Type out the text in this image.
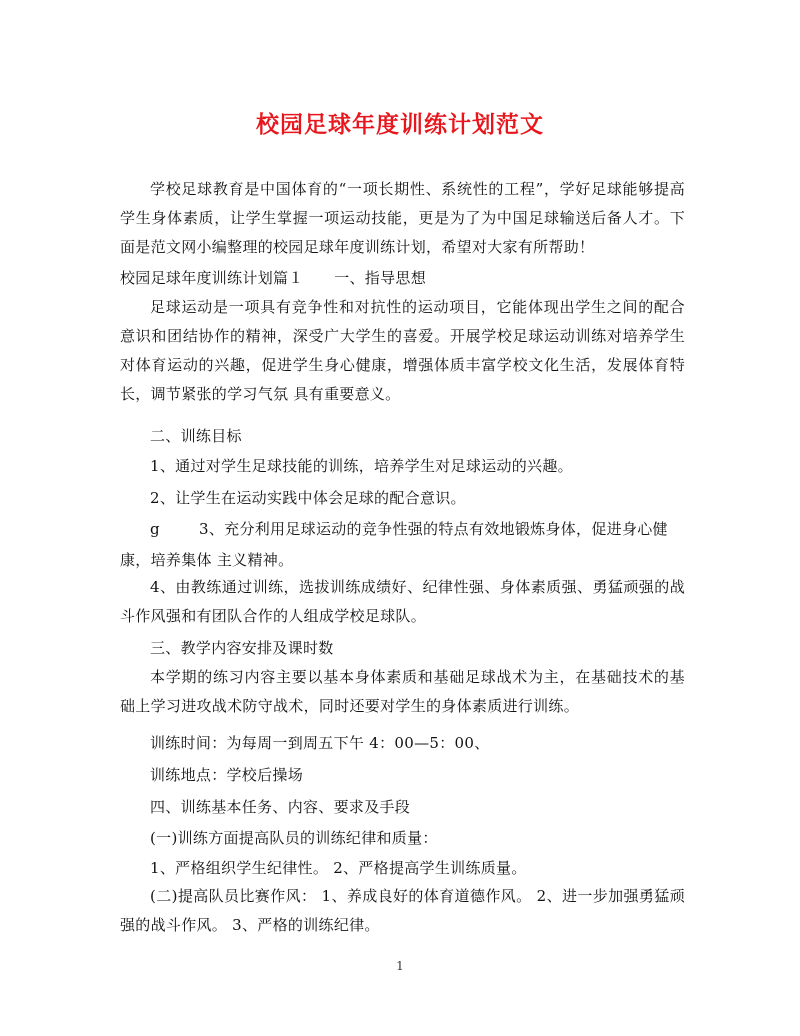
校园足球年度训练计划范文
学校足球教育是中国体育的“一项长期性、系统性的工程”，学好足球能够提高学生身体素质，让学生掌握一项运动技能，更是为了为中国足球输送后备人才。下面是范文网小编整理的校园足球年度训练计划，希望对大家有所帮助！
校园足球年度训练计划篇１　　一、指导思想
足球运动是一项具有竞争性和对抗性的运动项目，它能体现出学生之间的配合意识和团结协作的精神，深受广大学生的喜爱。开展学校足球运动训练对培养学生对体育运动的兴趣，促进学生身心健康，增强体质丰富学校文化生活，发展体育特长，调节紧张的学习气氛 具有重要意义。
二、训练目标
1、通过对学生足球技能的训练，培养学生对足球运动的兴趣。
2、让学生在运动实践中体会足球的配合意识。
g	3、充分利用足球运动的竞争性强的特点有效地锻炼身体，促进身心健
康，培养集体 主义精神。
4、由教练通过训练，选拔训练成绩好、纪律性强、身体素质强、勇猛顽强的战斗作风强和有团队合作的人组成学校足球队。
三、教学内容安排及课时数
本学期的练习内容主要以基本身体素质和基础足球战术为主，在基础技术的基础上学习进攻战术防守战术，同时还要对学生的身体素质进行训练。
训练时间：为每周一到周五下午 4：00—5：00、
训练地点：学校后操场
四、训练基本任务、内容、要求及手段
(一)训练方面提高队员的训练纪律和质量：
1、严格组织学生纪律性。 2、严格提高学生训练质量。
(二)提高队员比赛作风： 1、养成良好的体育道德作风。 2、进一步加强勇猛顽强的战斗作风。 3、严格的训练纪律。
1
